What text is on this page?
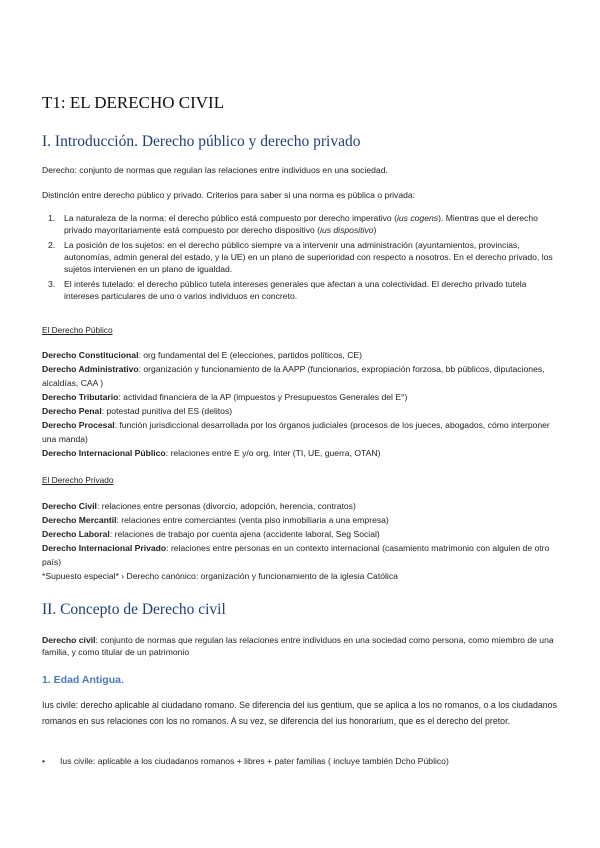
T1: EL DERECHO CIVIL
I. Introducción. Derecho público y derecho privado

Derecho: conjunto de normas que regulan las relaciones entre individuos en una sociedad.

Distinción entre derecho público y privado. Criterios para saber si una norma es pública o privada:

1. La naturaleza de la norma: el derecho público está compuesto por derecho imperativo (ius cogens). Mientras que el derecho privado mayoritariamente está compuesto por derecho dispositivo (ius dispositivo)
2. La posición de los sujetos: en el derecho público siempre va a intervenir una administración (ayuntamientos, provincias, autonomías, admin general del estado, y la UE) en un plano de superioridad con respecto a nosotros. En el derecho privado, los sujetos intervienen en un plano de igualdad.
3. El interés tutelado: el derecho público tutela intereses generales que afectan a una colectividad. El derecho privado tutela intereses particulares de uno o varios individuos en concreto.

El Derecho Público

Derecho Constitucional: org fundamental del E (elecciones, partidos políticos, CE)
Derecho Administrativo: organización y funcionamiento de la AAPP (funcionarios, expropiación forzosa, bb públicos, diputaciones, alcaldías, CAA )
Derecho Tributario: actividad financiera de la AP (impuestos y Presupuestos Generales del E°)
Derecho Penal: potestad punitiva del ES (delitos)
Derecho Procesal: función jurisdiccional desarrollada por los órganos judiciales (procesos de los jueces, abogados, cómo interponer una manda)
Derecho Internacional Público: relaciones entre E y/o org. Inter (TI, UE, guerra, OTAN)

El Derecho Privado

Derecho Civil: relaciones entre personas (divorcio, adopción, herencia, contratos)
Derecho Mercantil: relaciones entre comerciantes (venta piso inmobiliaria a una empresa)
Derecho Laboral: relaciones de trabajo por cuenta ajena (accidente laboral, Seg Social)
Derecho Internacional Privado: relaciones entre personas en un contexto internacional (casamiento matrimonio con alguien de otro país)
*Supuesto especial* › Derecho canónico: organización y funcionamiento de la iglesia Católica
II. Concepto de Derecho civil

Derecho civil: conjunto de normas que regulan las relaciones entre individuos en una sociedad como persona, como miembro de una familia, y como titular de un patrimonio

1. Edad Antigua.

Ius civile: derecho aplicable al ciudadano romano. Se diferencia del ius gentium, que se aplica a los no romanos, o a los ciudadanos romanos en sus relaciones con los no romanos. A su vez, se diferencia del ius honorarium, que es el derecho del pretor.

• Ius civile: aplicable a los ciudadanos romanos + libres + pater familias ( incluye también Dcho Público)
